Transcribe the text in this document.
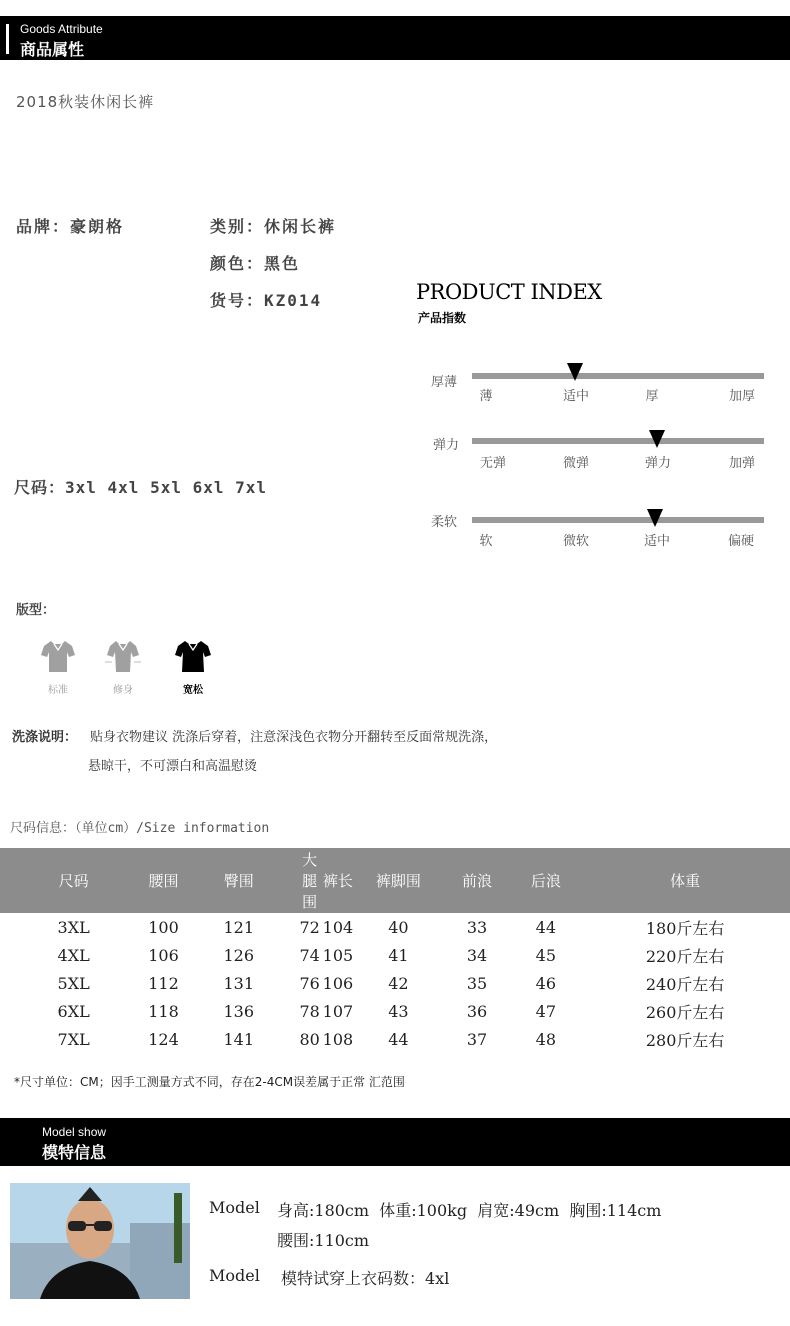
Goods Attribute
商品属性
2018秋装休闲长裤
品牌：豪朗格	类别：休闲长裤
颜色：黑色
货号：KZ014
尺码：3xl 4xl 5xl 6xl 7xl
PRODUCT INDEX
产品指数
厚薄
薄	适中	厚	加厚
弹力
无弹	微弹	弹力	加弹
柔软
软	微软	适中	偏硬
版型：
标准	修身	宽松
洗涤说明： 贴身衣物建议 洗涤后穿着，注意深浅色衣物分开翻转至反面常规洗涤，
悬晾干，不可漂白和高温慰烫
尺码信息：（单位cm）/Size information
尺码	腰围	臀围	大腿围	裤长	裤脚围	前浪	后浪	体重
3XL	100	121	72	104	40	33	44	180斤左右
4XL	106	126	74	105	41	34	45	220斤左右
5XL	112	131	76	106	42	35	46	240斤左右
6XL	118	136	78	107	43	36	47	260斤左右
7XL	124	141	80	108	44	37	48	280斤左右
*尺寸单位：CM；因手工测量方式不同，存在2-4CM误差属于正常 汇范围
Model show
模特信息
Model 身高:180cm  体重:100kg  肩宽:49cm  胸围:114cm
腰围:110cm
Model 模特试穿上衣码数：4xl
